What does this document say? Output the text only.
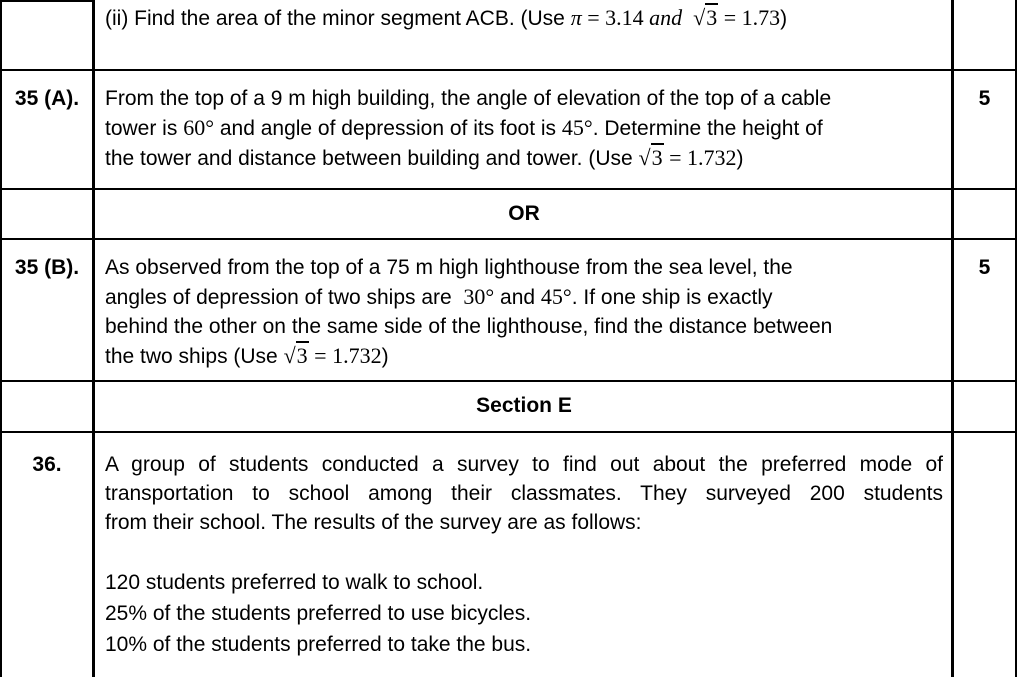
(ii) Find the area of the minor segment ACB. (Use π = 3.14 and √3 = 1.73)
35 (A).	From the top of a 9 m high building, the angle of elevation of the top of a cable
tower is 60° and angle of depression of its foot is 45°. Determine the height of
the tower and distance between building and tower. (Use √3 = 1.732)
5
OR
35 (B).	As observed from the top of a 75 m high lighthouse from the sea level, the
angles of depression of two ships are  30° and 45°. If one ship is exactly
behind the other on the same side of the lighthouse, find the distance between
the two ships (Use √3 = 1.732)
5
Section E
36.	A group of students conducted a survey to find out about the preferred mode of
transportation to school among their classmates. They surveyed 200 students
from their school. The results of the survey are as follows:
120 students preferred to walk to school.
25% of the students preferred to use bicycles.
10% of the students preferred to take the bus.
